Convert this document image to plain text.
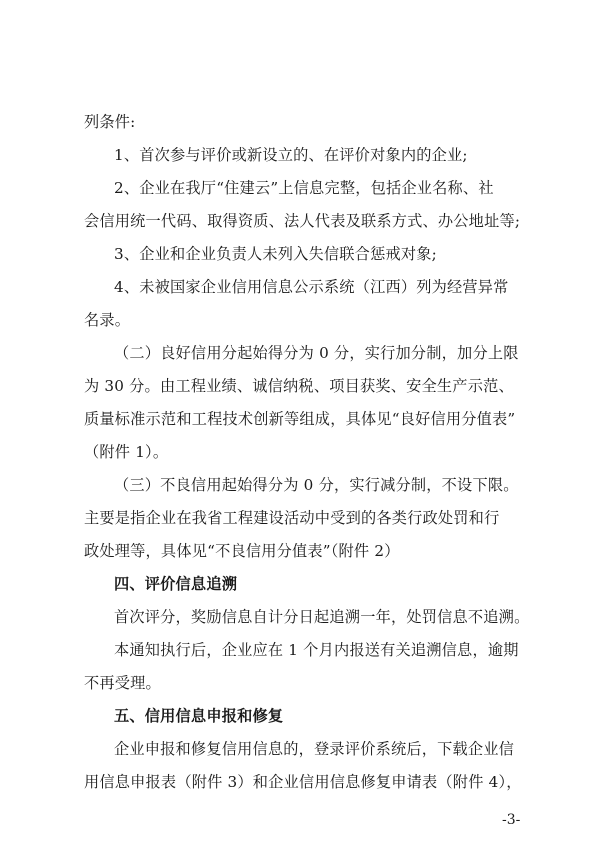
列条件:
1、首次参与评价或新设立的、在评价对象内的企业;
2、企业在我厅“住建云”上信息完整，包括企业名称、社
会信用统一代码、取得资质、法人代表及联系方式、办公地址等;
3、企业和企业负责人未列入失信联合惩戒对象;
4、未被国家企业信用信息公示系统（江西）列为经营异常
名录。
（二）良好信用分起始得分为 0 分，实行加分制，加分上限
为 30 分。由工程业绩、诚信纳税、项目获奖、安全生产示范、
质量标准示范和工程技术创新等组成，具体见“良好信用分值表”
（附件 1）。
（三）不良信用起始得分为 0 分，实行减分制，不设下限。
主要是指企业在我省工程建设活动中受到的各类行政处罚和行
政处理等，具体见“不良信用分值表”（附件 2）
四、评价信息追溯
首次评分，奖励信息自计分日起追溯一年，处罚信息不追溯。
本通知执行后，企业应在 1 个月内报送有关追溯信息，逾期
不再受理。
五、信用信息申报和修复
企业申报和修复信用信息的，登录评价系统后，下载企业信
用信息申报表（附件 3）和企业信用信息修复申请表（附件 4），
-3-
